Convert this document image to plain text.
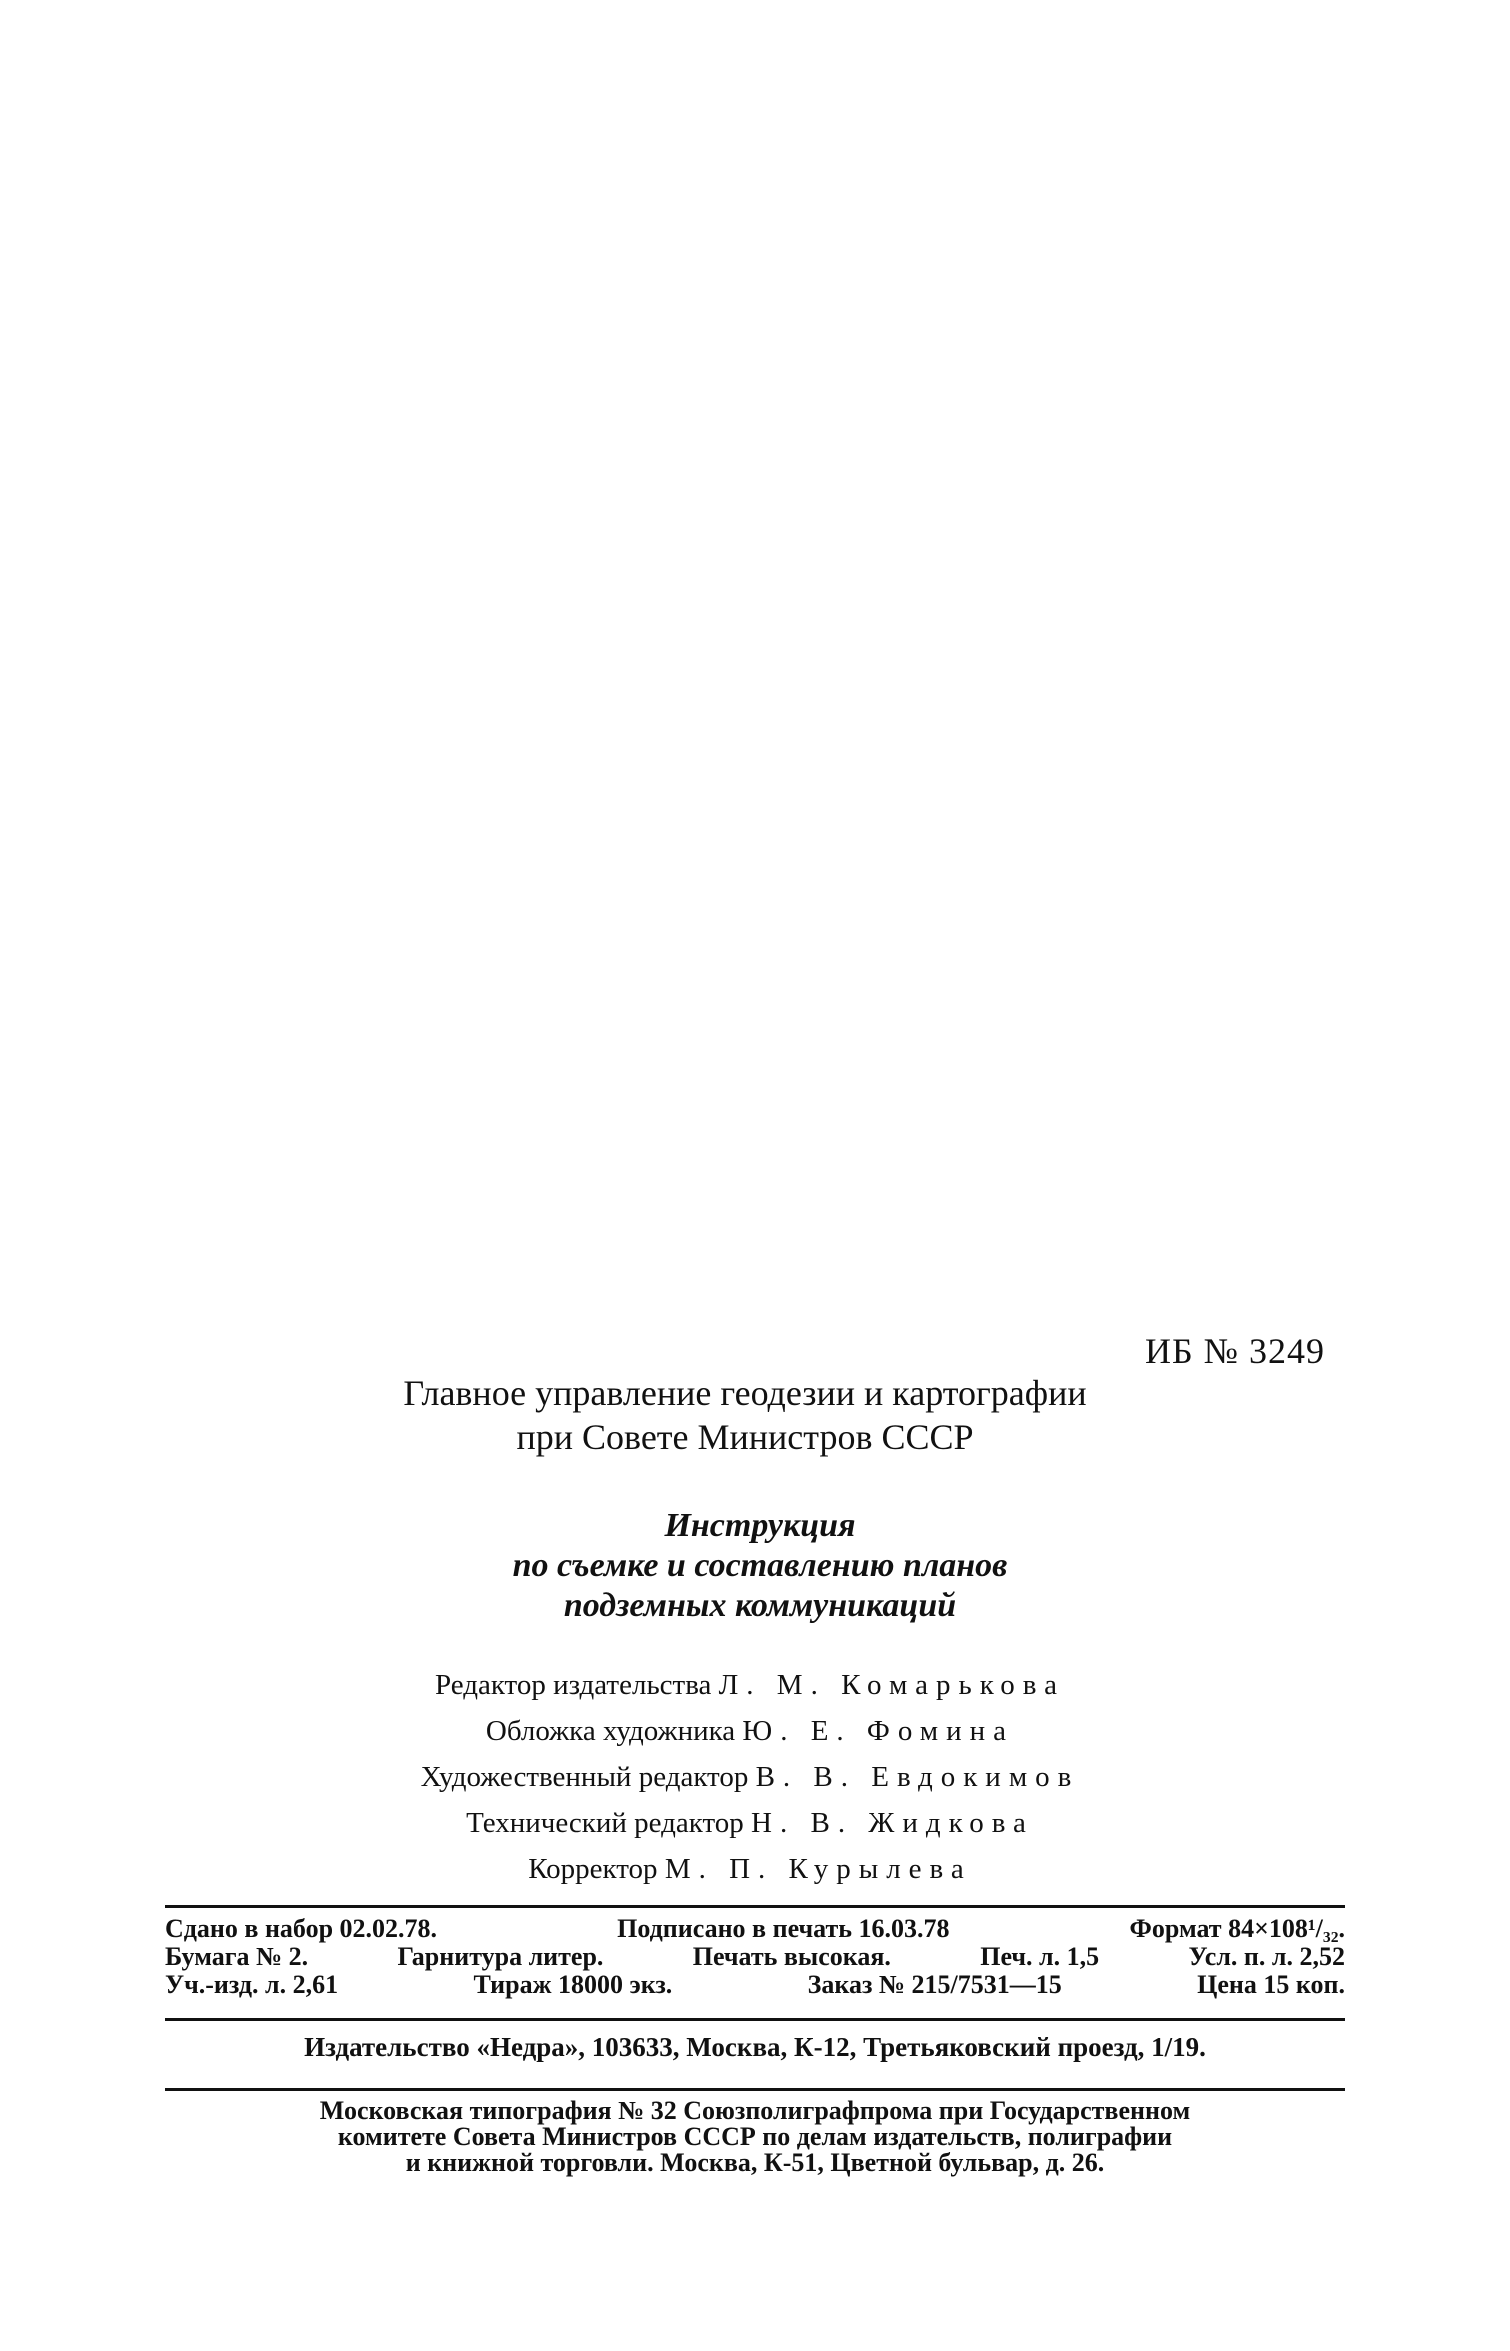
ИБ № 3249
Главное управление геодезии и картографии
при Совете Министров СССР
Инструкция
по съемке и составлению планов
подземных коммуникаций
Редактор издательства Л. М. Комарькова
Обложка художника Ю. Е. Фомина
Художественный редактор В. В. Евдокимов
Технический редактор Н. В. Жидкова
Корректор М. П. Курылева
Сдано в набор 02.02.78.	Подписано в печать 16.03.78	Формат 84×108¹/₃₂.
Бумага № 2.	Гарнитура литер.	Печать высокая.	Печ. л. 1,5	Усл. п. л. 2,52
Уч.-изд. л. 2,61	Тираж 18000 экз.	Заказ № 215/7531—15	Цена 15 коп.
Издательство «Недра», 103633, Москва, К-12, Третьяковский проезд, 1/19.
Московская типография № 32 Союзполиграфпрома при Государственном
комитете Совета Министров СССР по делам издательств, полиграфии
и книжной торговли. Москва, К-51, Цветной бульвар, д. 26.
